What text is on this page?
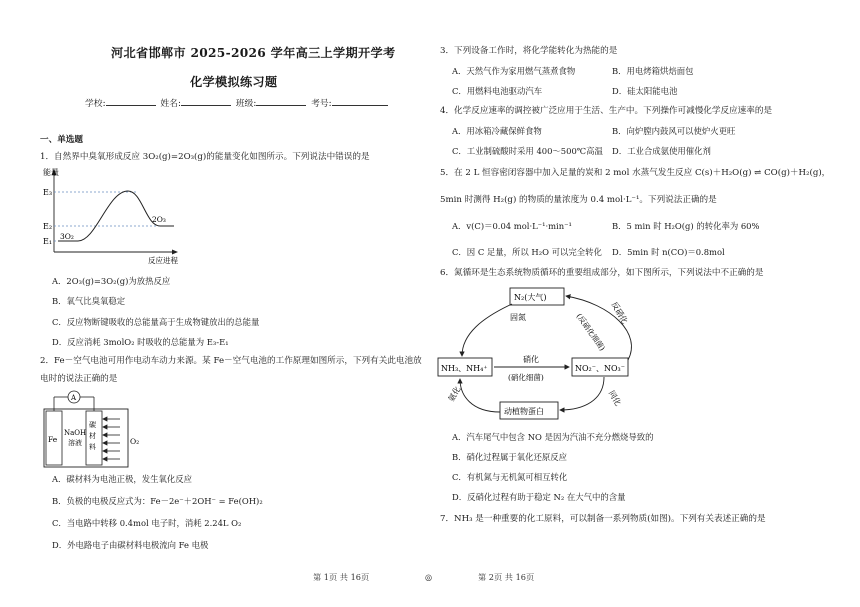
河北省邯郸市 2025-2026 学年高三上学期开学考
化学模拟练习题
学校:	姓名:	班级:	考号:
一、单选题
1．自然界中臭氧形成反应 3O₂(g)=2O₃(g)的能量变化如图所示。下列说法中错误的是
能量
E₃
E₂
E₁
3O₂
2O₃
反应进程
A．2O₃(g)=3O₂(g)为放热反应
B．氧气比臭氧稳定
C．反应物断键吸收的总能量高于生成物键放出的总能量
D．反应消耗 3molO₂ 时吸收的总能量为 E₃-E₁
2．Fe－空气电池可用作电动车动力来源。某 Fe－空气电池的工作原理如图所示，下列有关此电池放
电时的说法正确的是
A
Fe
NaOH
溶液
碳
材
料
O₂
A．碳材料为电池正极，发生氧化反应
B．负极的电极反应式为：Fe－2e⁻＋2OH⁻ = Fe(OH)₂
C．当电路中转移 0.4mol 电子时，消耗 2.24L O₂
D．外电路电子由碳材料电极流向 Fe 电极
3．下列设备工作时，将化学能转化为热能的是
A．天然气作为家用燃气蒸煮食物	B．用电烤箱烘焙面包
C．用燃料电池驱动汽车	D．硅太阳能电池
4．化学反应速率的调控被广泛应用于生活、生产中。下列操作可减慢化学反应速率的是
A．用冰箱冷藏保鲜食物	B．向炉膛内鼓风可以使炉火更旺
C．工业制硫酸时采用 400～500℃高温 D．工业合成氨使用催化剂
5．在 2 L 恒容密闭容器中加入足量的炭和 2 mol 水蒸气发生反应 C(s)＋H₂O(g) ⇌ CO(g)＋H₂(g)，
5min 时测得 H₂(g) 的物质的量浓度为 0.4 mol·L⁻¹。下列说法正确的是
A．v(C)＝0.04 mol·L⁻¹·min⁻¹	B．5 min 时 H₂O(g) 的转化率为 60%
C．因 C 足量，所以 H₂O 可以完全转化 D．5min 时 n(CO)＝0.8mol
6．氮循环是生态系统物质循环的重要组成部分，如下图所示，下列说法中不正确的是
N₂(大气)
NH₃、NH₄⁺	NO₂⁻、NO₃⁻
动植物蛋白
固氮
硝化
(硝化细菌)
反硝化
(反硝化细菌)
氨化	同化
A．汽车尾气中包含 NO 是因为汽油不充分燃烧导致的
B．硝化过程属于氧化还原反应
C．有机氮与无机氮可相互转化
D．反硝化过程有助于稳定 N₂ 在大气中的含量
7．NH₃ 是一种重要的化工原料，可以制备一系列物质(如图)。下列有关表述正确的是
第 1页 共 16页	◎	第 2页 共 16页
